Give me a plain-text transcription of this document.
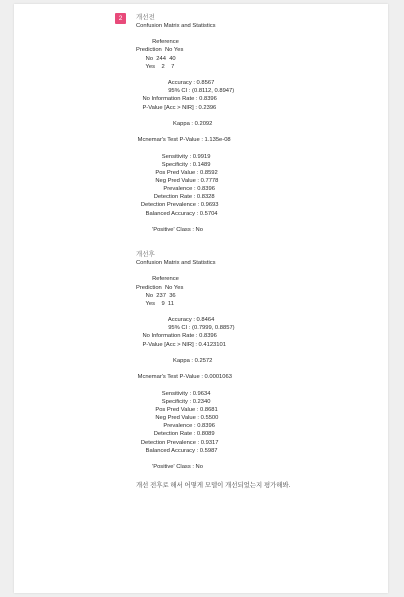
2	개선전
Confusion Matrix and Statistics

Reference
Prediction  No Yes
No  244  40
Yes    2    7

Accuracy : 0.8567
95% CI : (0.8112, 0.8947)
No Information Rate : 0.8396
P-Value [Acc > NIR] : 0.2396

Kappa : 0.2092

Mcnemar's Test P-Value : 1.135e-08

Sensitivity : 0.9919
Specificity : 0.1489
Pos Pred Value : 0.8592
Neg Pred Value : 0.7778
Prevalence : 0.8396
Detection Rate : 0.8328
Detection Prevalence : 0.9693
Balanced Accuracy : 0.5704

'Positive' Class : No
개선후
Confusion Matrix and Statistics

Reference
Prediction  No Yes
No  237  36
Yes    9  11

Accuracy : 0.8464
95% CI : (0.7999, 0.8857)
No Information Rate : 0.8396
P-Value [Acc > NIR] : 0.4123101

Kappa : 0.2572

Mcnemar's Test P-Value : 0.0001063

Sensitivity : 0.9634
Specificity : 0.2340
Pos Pred Value : 0.8681
Neg Pred Value : 0.5500
Prevalence : 0.8396
Detection Rate : 0.8089
Detection Prevalence : 0.9317
Balanced Accuracy : 0.5987

'Positive' Class : No
개선 전후로 해서 어떻게 모델이 개선되었는지 평가해봐.
